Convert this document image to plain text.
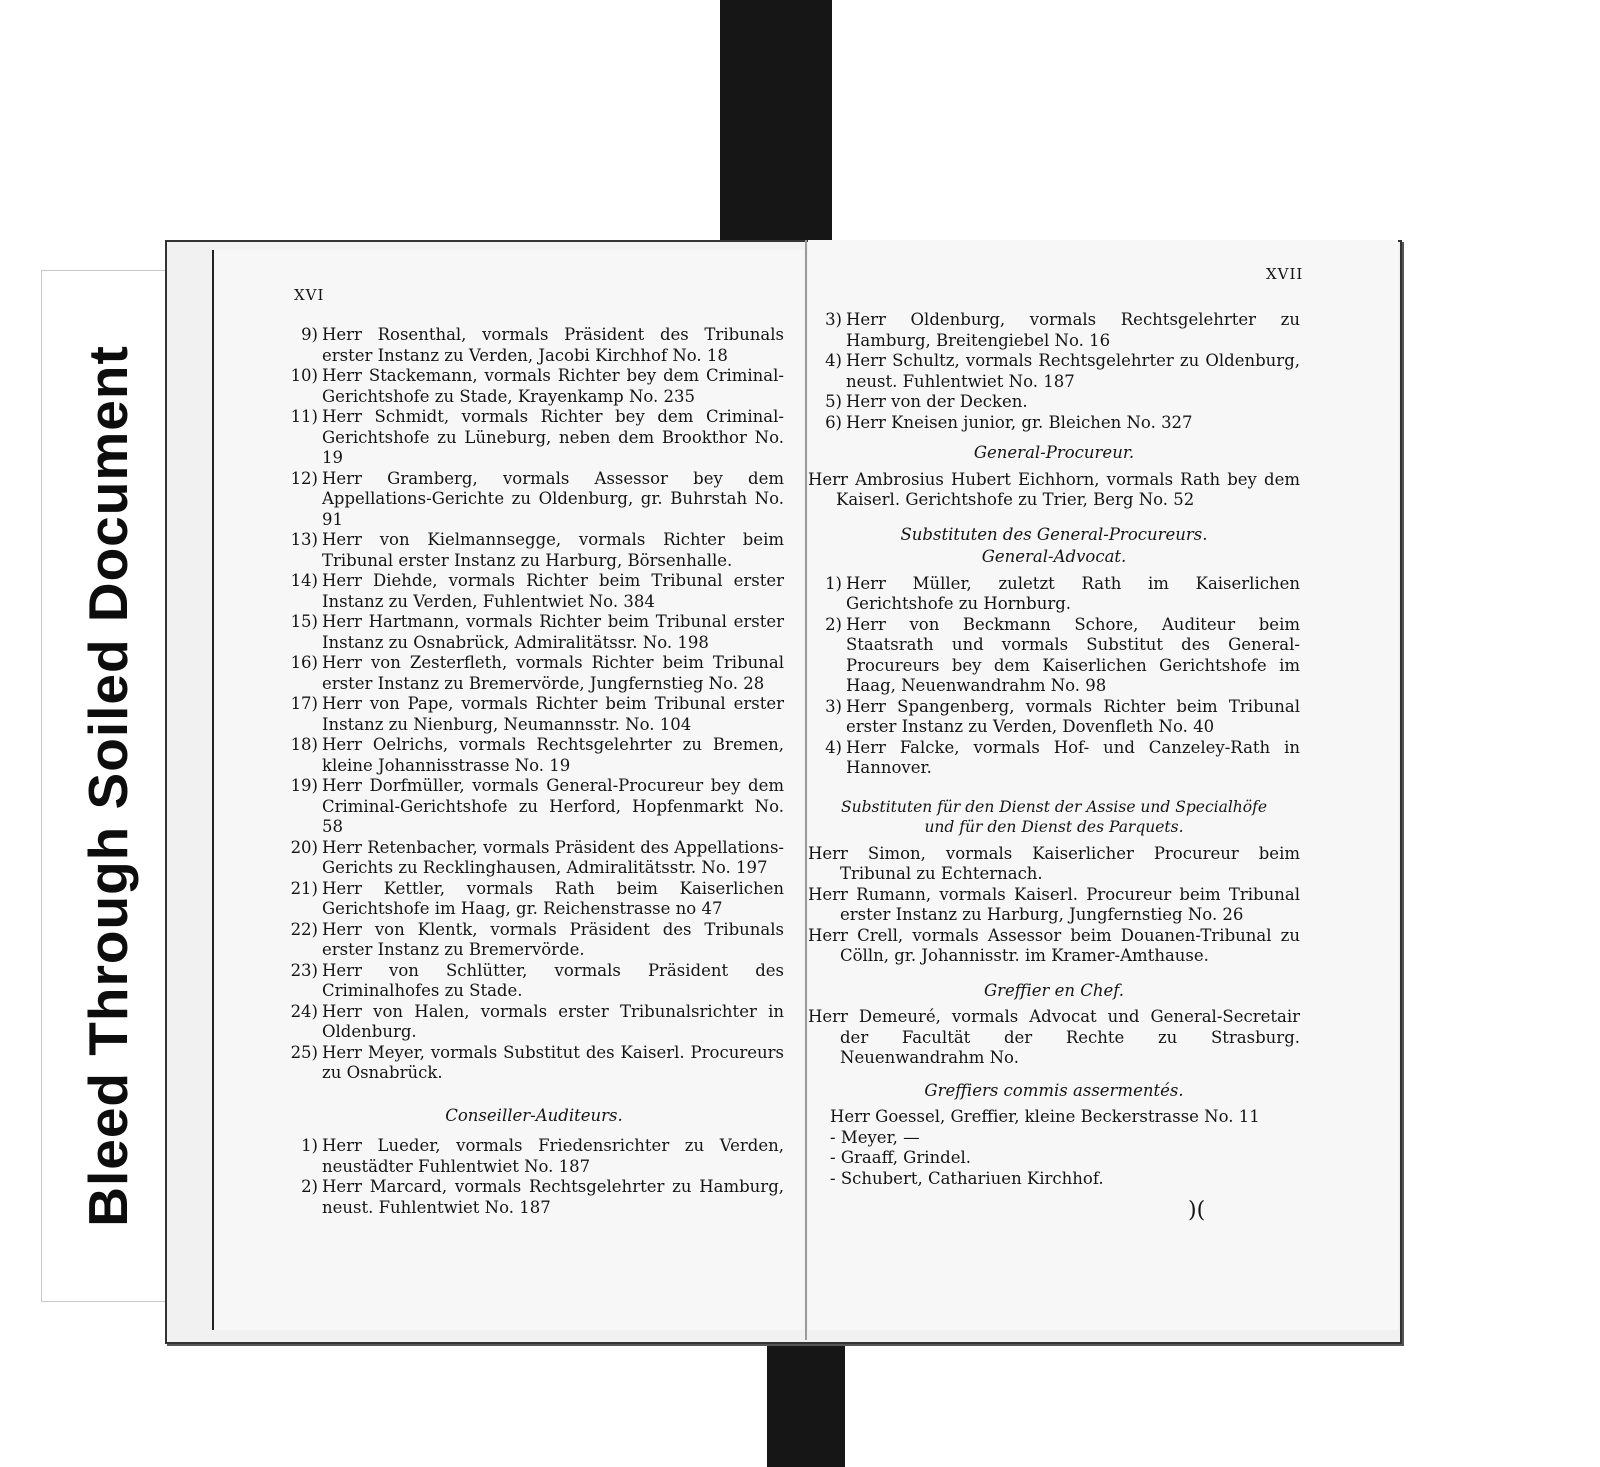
Bleed Through Soiled Document
XVI
9) Herr Rosenthal, vormals Präsident des Tribunals erster Instanz zu Verden, Jacobi Kirchhof No. 18
10) Herr Stackemann, vormals Richter bey dem Criminal-Gerichtshofe zu Stade, Krayenkamp No. 235
11) Herr Schmidt, vormals Richter bey dem Criminal-Gerichtshofe zu Lüneburg, neben dem Brookthor No. 19
12) Herr Gramberg, vormals Assessor bey dem Appellations-Gerichte zu Oldenburg, gr. Buhrstah No. 91
13) Herr von Kielmannsegge, vormals Richter beim Tribunal erster Instanz zu Harburg, Börsenhalle.
14) Herr Diehde, vormals Richter beim Tribunal erster Instanz zu Verden, Fuhlentwiet No. 384
15) Herr Hartmann, vormals Richter beim Tribunal erster Instanz zu Osnabrück, Admiralitätssr. No. 198
16) Herr von Zesterfleth, vormals Richter beim Tribunal erster Instanz zu Bremervörde, Jungfernstieg No. 28
17) Herr von Pape, vormals Richter beim Tribunal erster Instanz zu Nienburg, Neumannsstr. No. 104
18) Herr Oelrichs, vormals Rechtsgelehrter zu Bremen, kleine Johannisstrasse No. 19
19) Herr Dorfmüller, vormals General-Procureur bey dem Criminal-Gerichtshofe zu Herford, Hopfenmarkt No. 58
20) Herr Retenbacher, vormals Präsident des Appellations-Gerichts zu Recklinghausen, Admiralitätsstr. No. 197
21) Herr Kettler, vormals Rath beim Kaiserlichen Gerichtshofe im Haag, gr. Reichenstrasse no 47
22) Herr von Klentk, vormals Präsident des Tribunals erster Instanz zu Bremervörde.
23) Herr von Schlütter, vormals Präsident des Criminalhofes zu Stade.
24) Herr von Halen, vormals erster Tribunalsrichter in Oldenburg.
25) Herr Meyer, vormals Substitut des Kaiserl. Procureurs zu Osnabrück.
Conseiller-Auditeurs.
1) Herr Lueder, vormals Friedensrichter zu Verden, neustädter Fuhlentwiet No. 187
2) Herr Marcard, vormals Rechtsgelehrter zu Hamburg, neust. Fuhlentwiet No. 187
XVII
3) Herr Oldenburg, vormals Rechtsgelehrter zu Hamburg, Breitengiebel No. 16
4) Herr Schultz, vormals Rechtsgelehrter zu Oldenburg, neust. Fuhlentwiet No. 187
5) Herr von der Decken.
6) Herr Kneisen junior, gr. Bleichen No. 327
General-Procureur.
Herr Ambrosius Hubert Eichhorn, vormals Rath bey dem Kaiserl. Gerichtshofe zu Trier, Berg No. 52
Substituten des General-Procureurs.
General-Advocat.
1) Herr Müller, zuletzt Rath im Kaiserlichen Gerichtshofe zu Hornburg.
2) Herr von Beckmann Schore, Auditeur beim Staatsrath und vormals Substitut des General-Procureurs bey dem Kaiserlichen Gerichtshofe im Haag, Neuenwandrahm No. 98
3) Herr Spangenberg, vormals Richter beim Tribunal erster Instanz zu Verden, Dovenfleth No. 40
4) Herr Falcke, vormals Hof- und Canzeley-Rath in Hannover.
Substituten für den Dienst der Assise und Specialhöfe
und für den Dienst des Parquets.
Herr Simon, vormals Kaiserlicher Procureur beim Tribunal zu Echternach.
Herr Rumann, vormals Kaiserl. Procureur beim Tribunal erster Instanz zu Harburg, Jungfernstieg No. 26
Herr Crell, vormals Assessor beim Douanen-Tribunal zu Cölln, gr. Johannisstr. im Kramer-Amthause.
Greffier en Chef.
Herr Demeuré, vormals Advocat und General-Secretair der Facultät der Rechte zu Strasburg. Neuenwandrahm No.
Greffiers commis assermentés.
Herr Goessel, Greffier, kleine Beckerstrasse No. 11
- Meyer, —
- Graaff, Grindel.
- Schubert, Cathariuen Kirchhof.
)(
